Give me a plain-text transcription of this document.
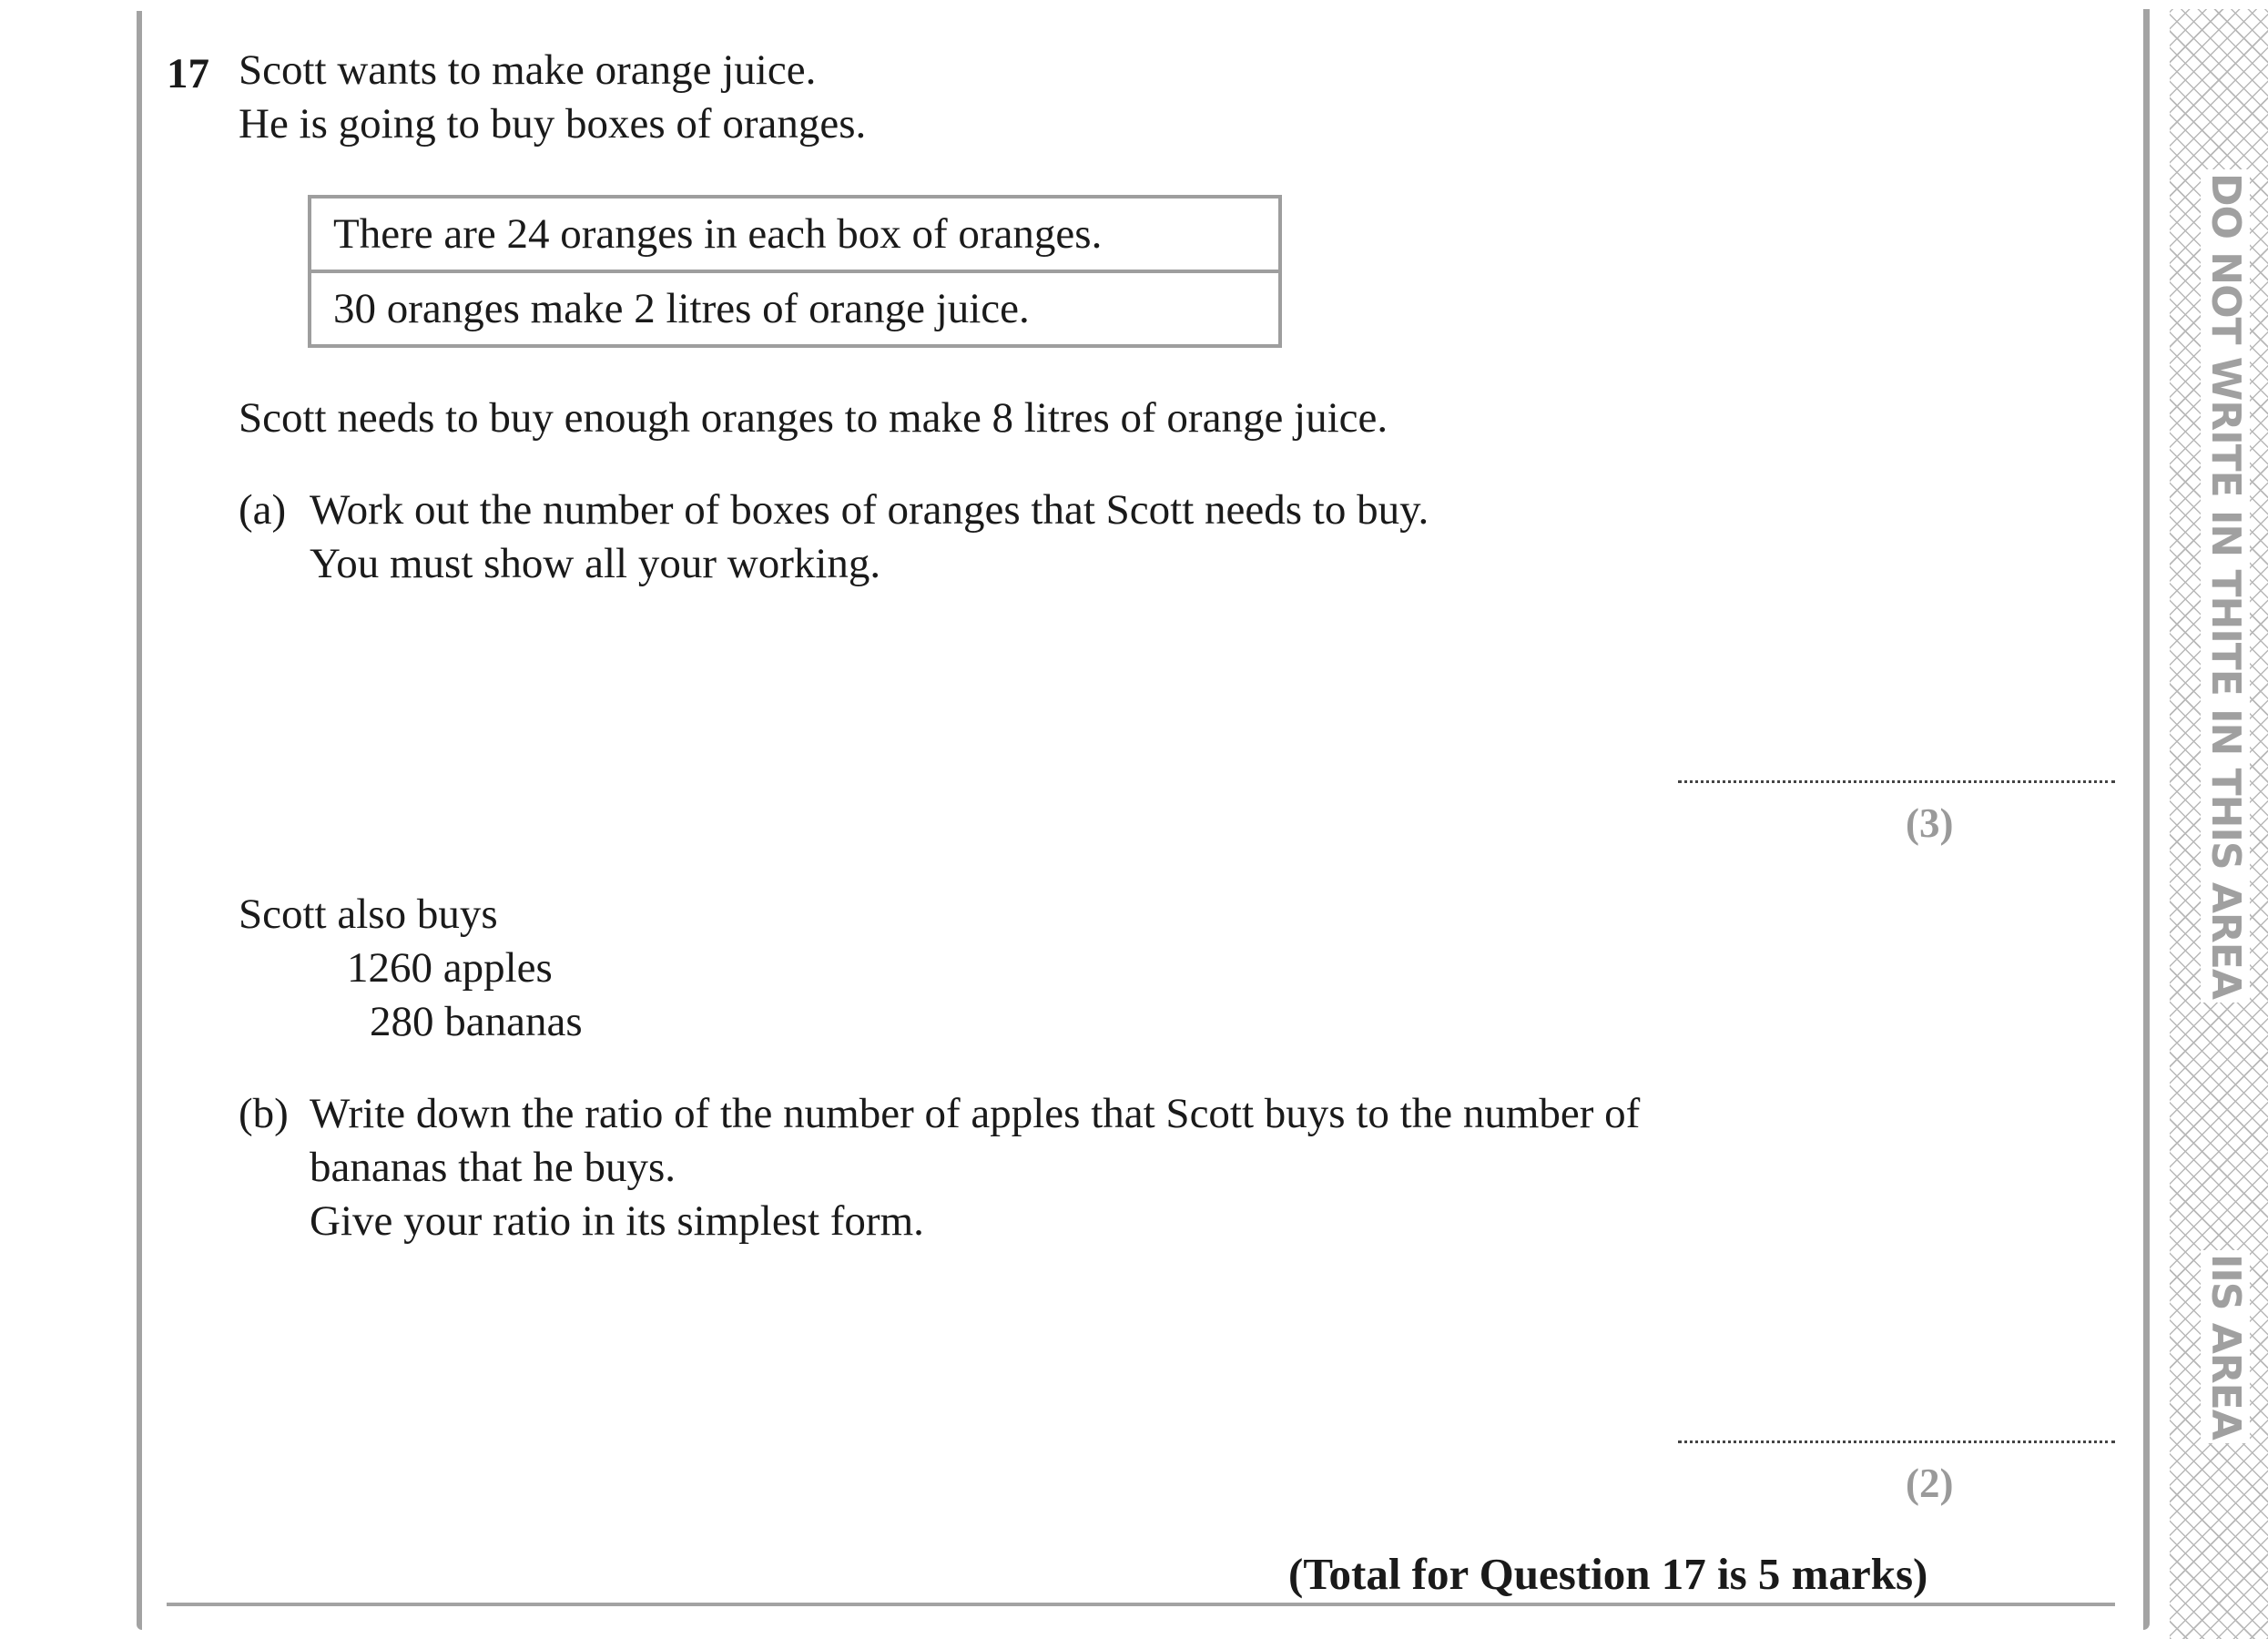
17 Scott wants to make orange juice.
He is going to buy boxes of oranges.
There are 24 oranges in each box of oranges.
30 oranges make 2 litres of orange juice.
Scott needs to buy enough oranges to make 8 litres of orange juice.
(a) Work out the number of boxes of oranges that Scott needs to buy.
You must show all your working.
(3)
Scott also buys
1260 apples
280 bananas
(b) Write down the ratio of the number of apples that Scott buys to the number of
bananas that he buys.
Give your ratio in its simplest form.
(2)
(Total for Question 17 is 5 marks)
DO NOT WRITE IN THITE IN THIS AREA
IIS AREA
